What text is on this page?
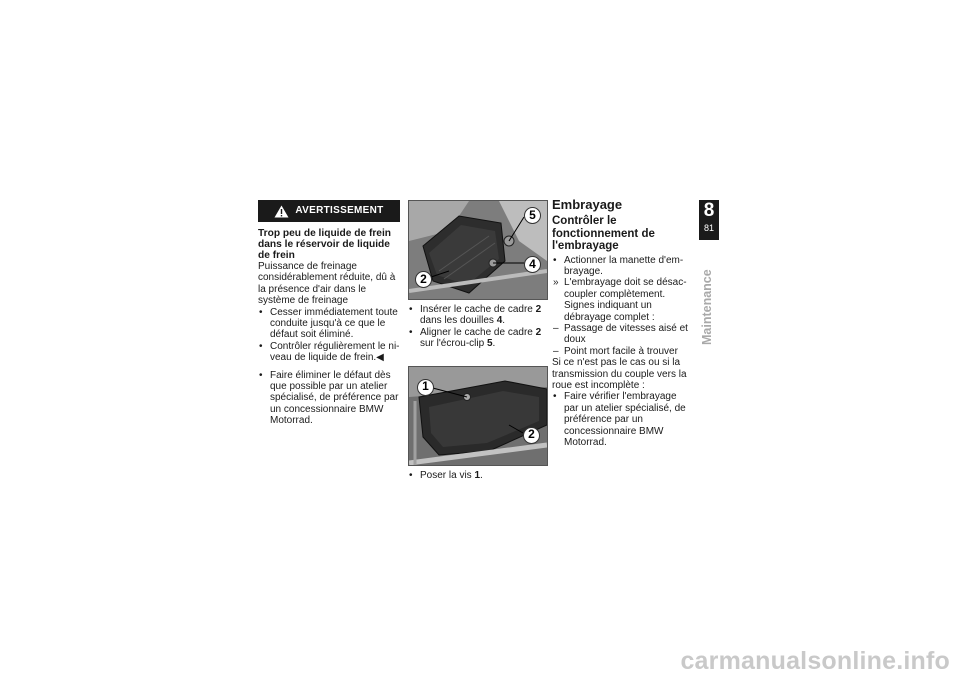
AVERTISSEMENT
Trop peu de liquide de frein dans le réservoir de liquide de frein

Puissance de freinage considérablement réduite, dû à la présence d'air dans le système de freinage

• Cesser immédiatement toute conduite jusqu'à ce que le défaut soit éliminé.
• Contrôler régulièrement le niveau de liquide de frein.◀
• Faire éliminer le défaut dès que possible par un atelier spécialisé, de préférence par un concessionnaire BMW Motorrad.
5
4
2
• Insérer le cache de cadre 2 dans les douilles 4.
• Aligner le cache de cadre 2 sur l'écrou-clip 5.
1
2
• Poser la vis 1.
Embrayage
Contrôler le fonctionnement de l'embrayage
• Actionner la manette d'embrayage.
» L'embrayage doit se désaccoupler complètement. Signes indiquant un débrayage complet :
– Passage de vitesses aisé et doux
– Point mort facile à trouver

Si ce n'est pas le cas ou si la transmission du couple vers la roue est incomplète :

• Faire vérifier l'embrayage par un atelier spécialisé, de préférence par un concessionnaire BMW Motorrad.
8
81
Maintenance
carmanualsonline.info
